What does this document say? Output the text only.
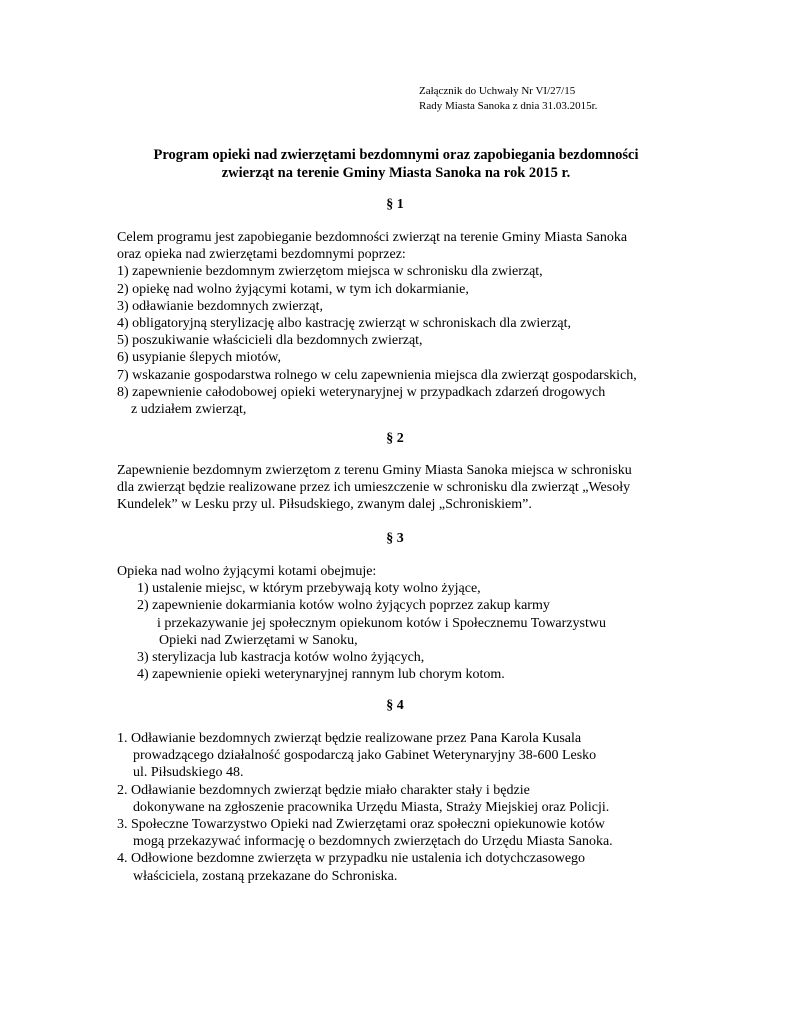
Załącznik do Uchwały Nr VI/27/15
Rady Miasta Sanoka z dnia 31.03.2015r.
Program opieki nad zwierzętami bezdomnymi oraz zapobiegania bezdomności
zwierząt na terenie Gminy Miasta Sanoka na rok 2015 r.
§ 1
Celem programu jest zapobieganie bezdomności zwierząt na terenie Gminy Miasta Sanoka
oraz opieka nad zwierzętami bezdomnymi poprzez:
1) zapewnienie bezdomnym zwierzętom miejsca w schronisku dla zwierząt,
2) opiekę nad wolno żyjącymi kotami, w tym ich dokarmianie,
3) odławianie bezdomnych zwierząt,
4) obligatoryjną sterylizację albo kastrację zwierząt w schroniskach dla zwierząt,
5) poszukiwanie właścicieli dla bezdomnych zwierząt,
6) usypianie ślepych miotów,
7) wskazanie gospodarstwa rolnego w celu zapewnienia miejsca dla zwierząt gospodarskich,
8) zapewnienie całodobowej opieki weterynaryjnej w przypadkach zdarzeń drogowych
z udziałem zwierząt,
§ 2
Zapewnienie bezdomnym zwierzętom z terenu Gminy Miasta Sanoka miejsca w schronisku
dla zwierząt będzie realizowane przez ich umieszczenie w schronisku dla zwierząt „Wesoły
Kundelek” w Lesku przy ul. Piłsudskiego, zwanym dalej „Schroniskiem”.
§ 3
Opieka nad wolno żyjącymi kotami obejmuje:
1) ustalenie miejsc, w którym przebywają koty wolno żyjące,
2) zapewnienie dokarmiania kotów wolno żyjących poprzez zakup karmy
i przekazywanie jej społecznym opiekunom kotów i Społecznemu Towarzystwu
Opieki nad Zwierzętami w Sanoku,
3) sterylizacja lub kastracja kotów wolno żyjących,
4) zapewnienie opieki weterynaryjnej rannym lub chorym kotom.
§ 4
1. Odławianie bezdomnych zwierząt będzie realizowane przez Pana Karola Kusala
prowadzącego działalność gospodarczą jako Gabinet Weterynaryjny 38-600 Lesko
ul. Piłsudskiego 48.
2. Odławianie bezdomnych zwierząt będzie miało charakter stały i będzie
dokonywane na zgłoszenie pracownika Urzędu Miasta, Straży Miejskiej oraz Policji.
3. Społeczne Towarzystwo Opieki nad Zwierzętami oraz społeczni opiekunowie kotów
mogą przekazywać informację o bezdomnych zwierzętach do Urzędu Miasta Sanoka.
4. Odłowione bezdomne zwierzęta w przypadku nie ustalenia ich dotychczasowego
właściciela, zostaną przekazane do Schroniska.
